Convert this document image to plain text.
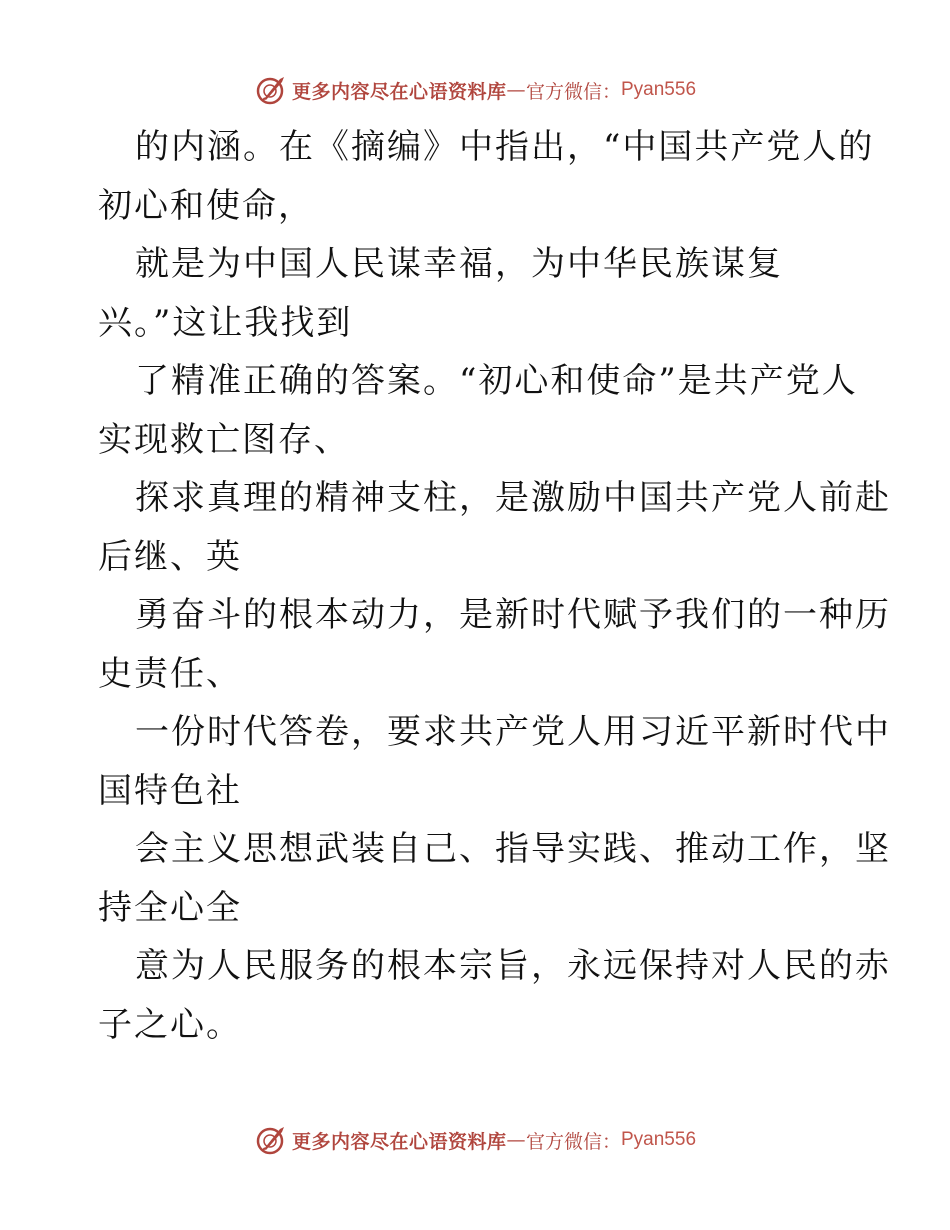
更多内容尽在心语资料库 — 官方微信： Pyan556
的内涵。在《摘编》中指出，“中国共产党人的
初心和使命，
就是为中国人民谋幸福，为中华民族谋复
兴。”这让我找到
了精准正确的答案。“初心和使命”是共产党人
实现救亡图存、
探求真理的精神支柱，是激励中国共产党人前赴
后继、英
勇奋斗的根本动力，是新时代赋予我们的一种历
史责任、
一份时代答卷，要求共产党人用习近平新时代中
国特色社
会主义思想武装自己、指导实践、推动工作，坚
持全心全
意为人民服务的根本宗旨，永远保持对人民的赤
子之心。
更多内容尽在心语资料库 — 官方微信： Pyan556
